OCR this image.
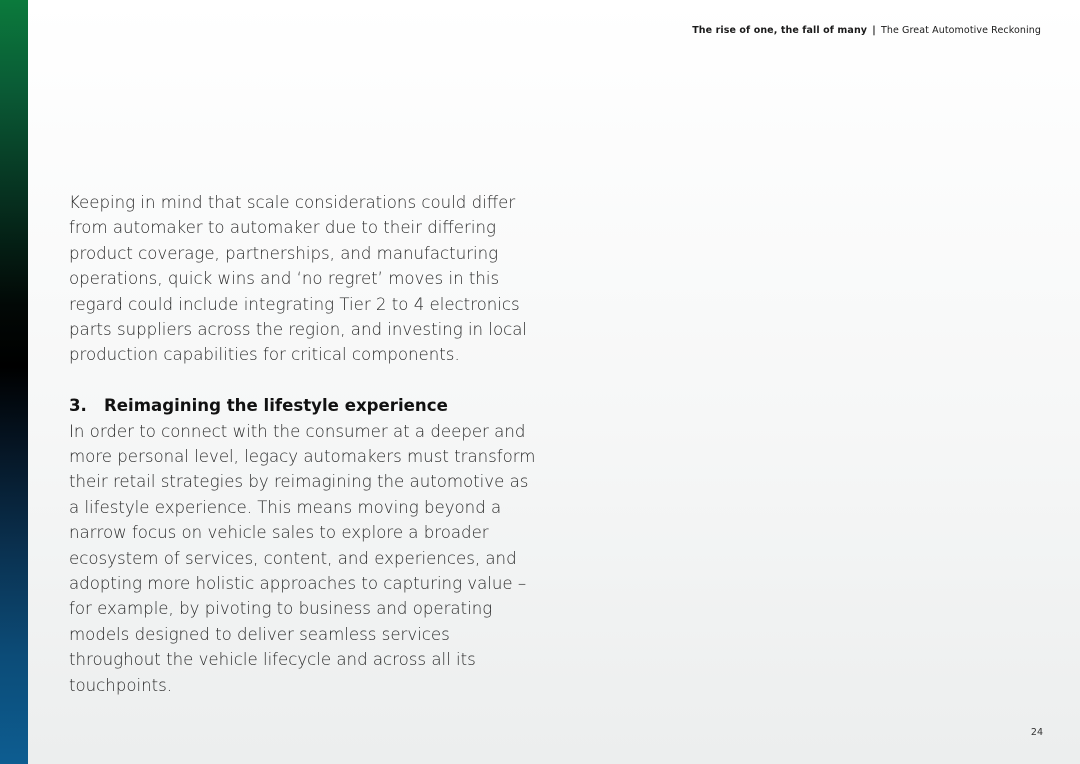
The rise of one, the fall of many | The Great Automotive Reckoning

Keeping in mind that scale considerations could differ from automaker to automaker due to their differing product coverage, partnerships, and manufacturing operations, quick wins and ‘no regret’ moves in this regard could include integrating Tier 2 to 4 electronics parts suppliers across the region, and investing in local production capabilities for critical components.

3.	Reimagining the lifestyle experience

In order to connect with the consumer at a deeper and more personal level, legacy automakers must transform their retail strategies by reimagining the automotive as a lifestyle experience. This means moving beyond a narrow focus on vehicle sales to explore a broader ecosystem of services, content, and experiences, and adopting more holistic approaches to capturing value – for example, by pivoting to business and operating models designed to deliver seamless services throughout the vehicle lifecycle and across all its touchpoints.

24
